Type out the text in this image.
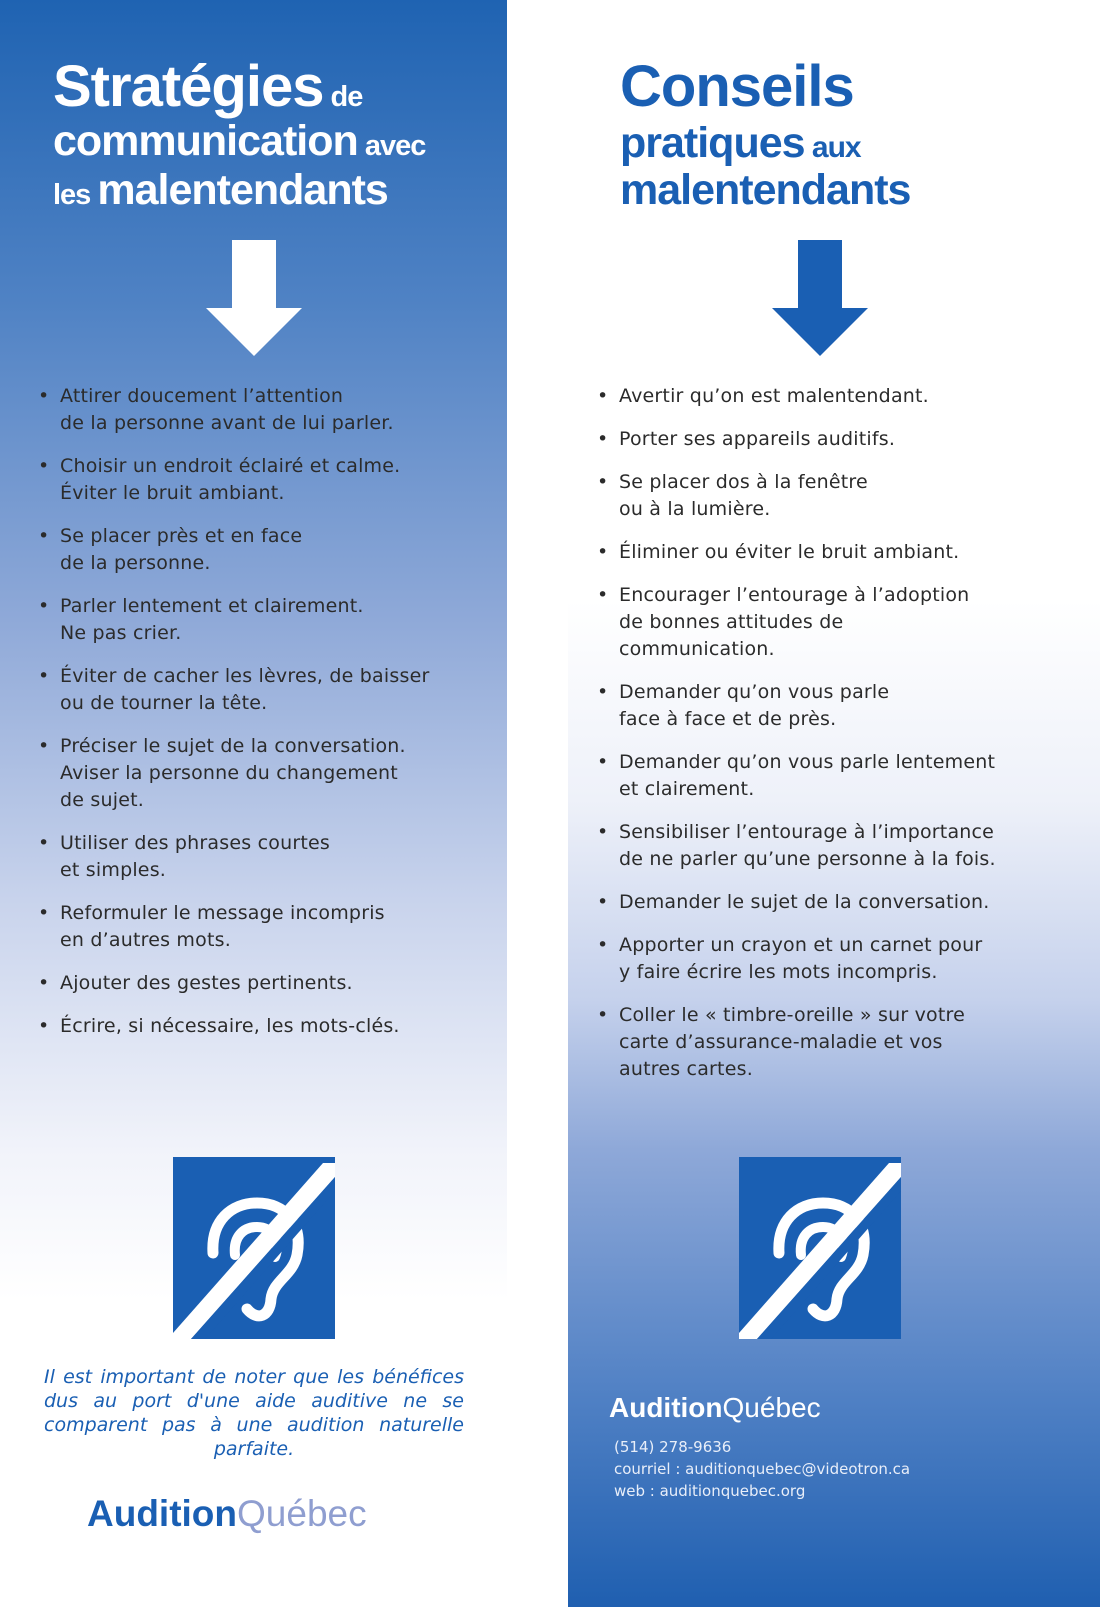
Stratégies de
communication avec
les malentendants
• Attirer doucement l’attention
de la personne avant de lui parler.
• Choisir un endroit éclairé et calme.
Éviter le bruit ambiant.
• Se placer près et en face
de la personne.
• Parler lentement et clairement.
Ne pas crier.
• Éviter de cacher les lèvres, de baisser
ou de tourner la tête.
• Préciser le sujet de la conversation.
Aviser la personne du changement
de sujet.
• Utiliser des phrases courtes
et simples.
• Reformuler le message incompris
en d’autres mots.
• Ajouter des gestes pertinents.
• Écrire, si nécessaire, les mots-clés.

Il est important de noter que les bénéfices dus au port d'une aide auditive ne se comparent pas à une audition naturelle parfaite.

AuditionQuébec
Conseils
pratiques aux
malentendants
• Avertir qu’on est malentendant.
• Porter ses appareils auditifs.
• Se placer dos à la fenêtre
ou à la lumière.
• Éliminer ou éviter le bruit ambiant.
• Encourager l’entourage à l’adoption
de bonnes attitudes de
communication.
• Demander qu’on vous parle
face à face et de près.
• Demander qu’on vous parle lentement
et clairement.
• Sensibiliser l’entourage à l’importance
de ne parler qu’une personne à la fois.
• Demander le sujet de la conversation.
• Apporter un crayon et un carnet pour
y faire écrire les mots incompris.
• Coller le « timbre-oreille » sur votre
carte d’assurance-maladie et vos
autres cartes.
AuditionQuébec

(514) 278-9636
courriel : auditionquebec@videotron.ca
web : auditionquebec.org
